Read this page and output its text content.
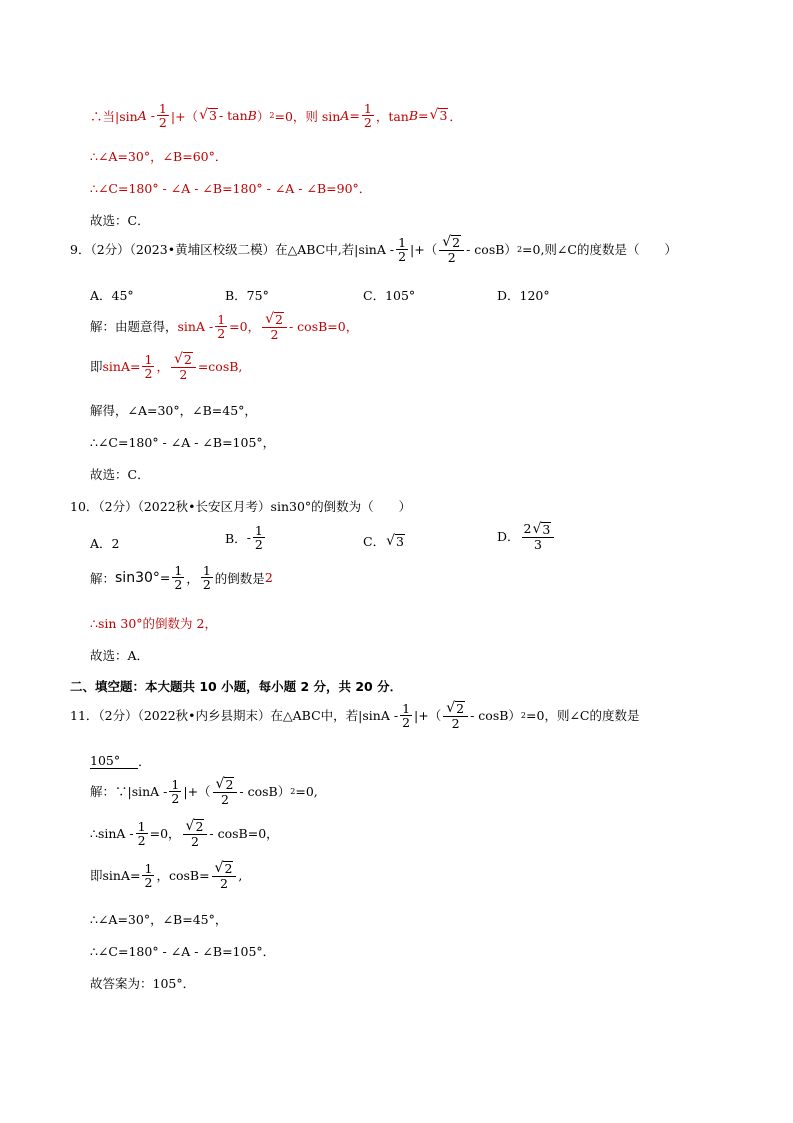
∴当|sin A - $\frac{1}{2}$ |+（ √ 3 - tan B ） 2 =0，则 $\sin A = \frac{1}{2}$ ，tan B = √ 3 ．
∴∠A=30°，∠B=60°．
∴∠C=180° - ∠A - ∠B=180° - ∠A - ∠B=90°．
故选：C．
9．（2分）（2023•黄埔区校级二模）在△ABC中,若$|\sin A - \frac{1}{2}$ |+（ $\frac{√ 2}{2} - \cos B$） 2 =0,则∠C的度数是（　　）
A．45°	B．75°	C．105°	D．120°
解：由题意得， $\sin A - \frac{1}{2} =0$， $\frac{√ 2}{2} - \cos B=0$，
即 $\sin A= \frac{1}{2}$ ， $\frac{√ 2}{2} =\cos B$,
解得，∠A=30°，∠B=45°，
∴∠C=180° - ∠A - ∠B=105°，
故选：C．
10．（2分）（2022秋•长安区月考）sin30°的倒数为（　　）
A．2	B． - $\frac{1}{2}$	C． √ 3	D． $\frac{2 √ 3}{3}$
解： $\sin 30^\circ = \frac{1}{2}$ ， $\frac{1}{2}$ 的倒数是 2
∴sin 30°的倒数为 2，
故选：A．
二、填空题：本大题共 10 小题，每小题 2 分，共 20 分．
11．（2分）（2022秋•内乡县期末）在△ABC中，若$|\sin A - \frac{1}{2}$ |+（ $\frac{√ 2}{2} - \cos B$） 2 =0，则∠C的度数是
105°	．
解：∵|sinA - $\frac{1}{2}$ |+（ $\frac{√ 2}{2} - \cos B$） 2 =0,
∴sinA - $\frac{1}{2} =0$， $\frac{√ 2}{2} - \cos B=0$，
即 $\sin A= \frac{1}{2}$ ，$\cos B= \frac{√ 2}{2}$ ,
∴∠A=30°，∠B=45°，
∴∠C=180° - ∠A - ∠B=105°．
故答案为：105°．
